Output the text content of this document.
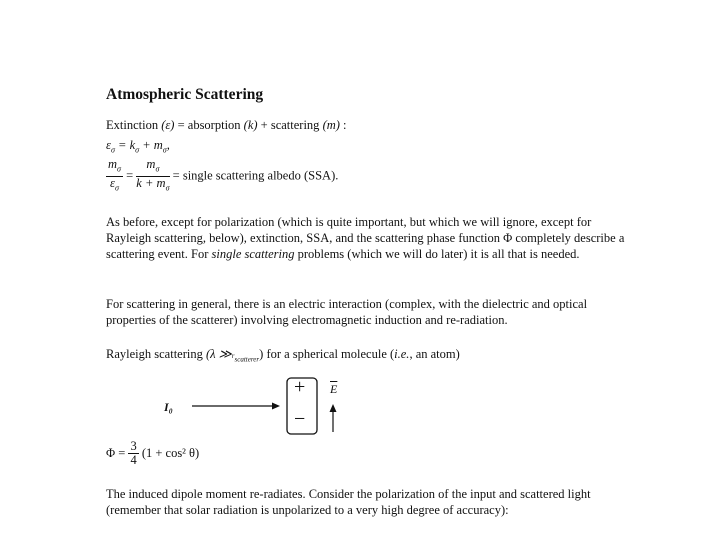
Atmospheric Scattering
Extinction (ε) = absorption (k) + scattering (m) :
$\varepsilon_\sigma = k_\sigma + m_\sigma$,
$\frac{m_\sigma}{\varepsilon_\sigma} = \frac{m_\sigma}{k + m_\sigma}$ = single scattering albedo (SSA).
As before, except for polarization (which is quite important, but which we will ignore, except for Rayleigh scattering, below), extinction, SSA, and the scattering phase function Φ completely describe a scattering event. For single scattering problems (which we will do later) it is all that is needed.
For scattering in general, there is an electric interaction (complex, with the dielectric and optical properties of the scatterer) involving electromagnetic induction and re-radiation.
Rayleigh scattering (λ $≫r_{scatterer}$) for a spherical molecule (i.e., an atom)
I₀
+
−
$\overline{E}$
$\Phi = \frac{3}{4} (1 + \cos^2$ θ)
The induced dipole moment re-radiates. Consider the polarization of the input and scattered light (remember that solar radiation is unpolarized to a very high degree of accuracy):
